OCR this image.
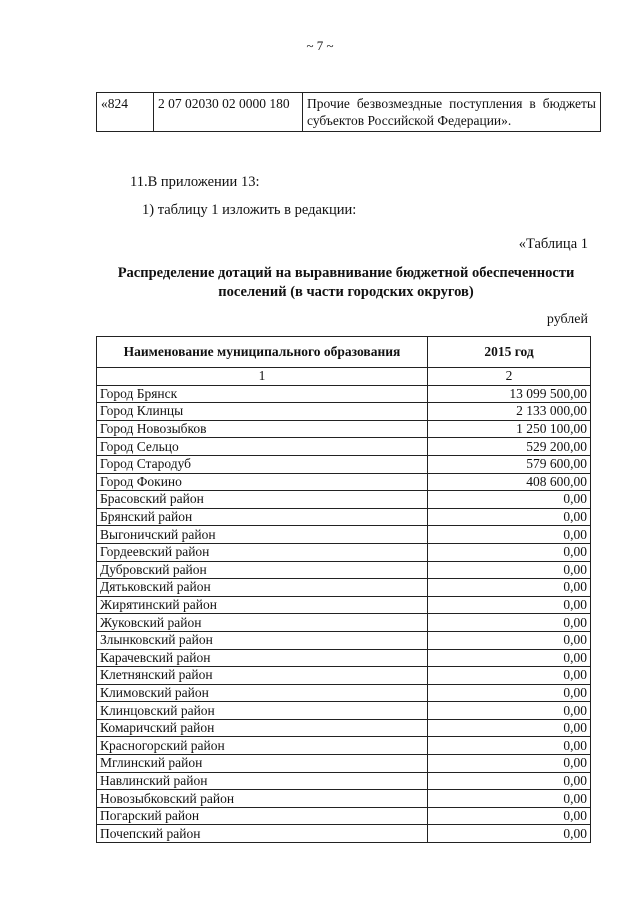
~ 7 ~
«824	2 07 02030 02 0000 180	Прочие безвозмездные поступления в бюджеты субъектов Российской Федерации».
11.В приложении 13:
1) таблицу 1 изложить в редакции:
«Таблица 1
Распределение дотаций на выравнивание бюджетной обеспеченности поселений (в части городских округов)
рублей
Наименование муниципального образования	2015 год
1	2
Город Брянск	13 099 500,00
Город Клинцы	2 133 000,00
Город Новозыбков	1 250 100,00
Город Сельцо	529 200,00
Город Стародуб	579 600,00
Город Фокино	408 600,00
Брасовский район	0,00
Брянский район	0,00
Выгоничский район	0,00
Гордеевский район	0,00
Дубровский район	0,00
Дятьковский район	0,00
Жирятинский район	0,00
Жуковский район	0,00
Злынковский район	0,00
Карачевский район	0,00
Клетнянский район	0,00
Климовский район	0,00
Клинцовский район	0,00
Комаричский район	0,00
Красногорский район	0,00
Мглинский район	0,00
Навлинский район	0,00
Новозыбковский район	0,00
Погарский район	0,00
Почепский район	0,00
